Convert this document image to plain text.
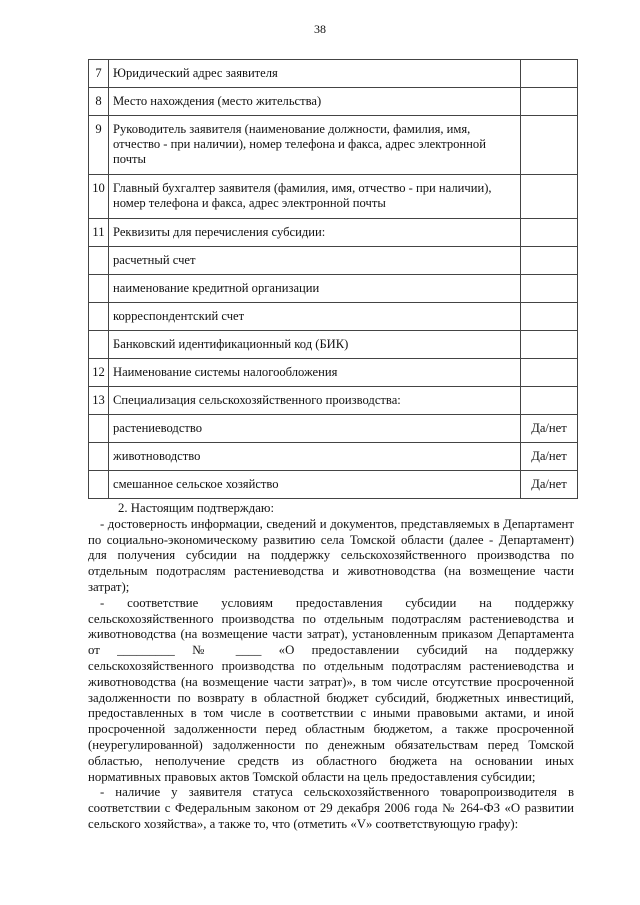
38
7	Юридический адрес заявителя	
8	Место нахождения (место жительства)	
9	Руководитель заявителя (наименование должности, фамилия, имя, отчество - при наличии), номер телефона и факса, адрес электронной почты	
10	Главный бухгалтер заявителя (фамилия, имя, отчество - при наличии), номер телефона и факса, адрес электронной почты	
11	Реквизиты для перечисления субсидии:	
	расчетный счет	
	наименование кредитной организации	
	корреспондентский счет	
	Банковский идентификационный код (БИК)	
12	Наименование системы налогообложения	
13	Специализация сельскохозяйственного производства:	
	растениеводство	Да/нет
	животноводство	Да/нет
	смешанное сельское хозяйство	Да/нет

2. Настоящим подтверждаю:

- достоверность информации, сведений и документов, представляемых в Департамент по социально-экономическому развитию села Томской области (далее - Департамент) для получения субсидии на поддержку сельскохозяйственного производства по отдельным подотраслям растениеводства и животноводства (на возмещение части затрат);

- соответствие условиям предоставления субсидии на поддержку сельскохозяйственного производства по отдельным подотраслям растениеводства и животноводства (на возмещение части затрат), установленным приказом Департамента от _________ № ____ «О предоставлении субсидий на поддержку сельскохозяйственного производства по отдельным подотраслям растениеводства и животноводства (на возмещение части затрат)», в том числе отсутствие просроченной задолженности по возврату в областной бюджет субсидий, бюджетных инвестиций, предоставленных в том числе в соответствии с иными правовыми актами, и иной просроченной задолженности перед областным бюджетом, а также просроченной (неурегулированной) задолженности по денежным обязательствам перед Томской областью, неполучение средств из областного бюджета на основании иных нормативных правовых актов Томской области на цель предоставления субсидии;

- наличие у заявителя статуса сельскохозяйственного товаропроизводителя в соответствии с Федеральным законом от 29 декабря 2006 года № 264-ФЗ «О развитии сельского хозяйства», а также то, что (отметить «V» соответствующую графу):
